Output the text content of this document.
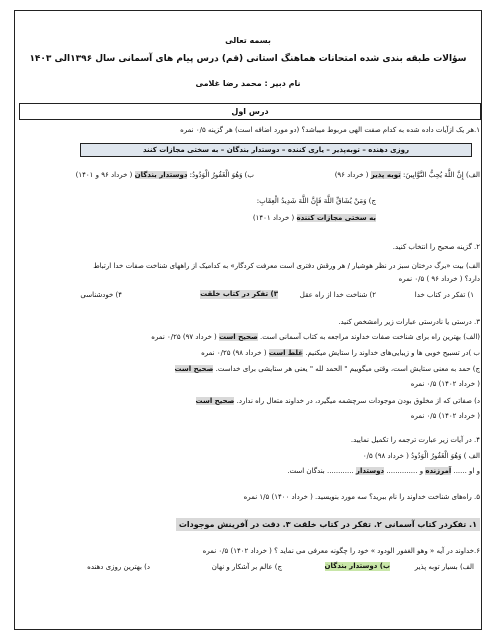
بسمه تعالی
سؤالات طبقه بندی شده امتحانات هماهنگ استانی (قم) درس پیام های آسمانی سال ۱۳۹۶الی ۱۴۰۳
نام دبیر : محمد رضا غلامی
درس اول
۱.هر یک ازآیات داده شده به کدام صفت الهی مربوط میباشد؟ (دو مورد اضافه است) هر گزینه ۰/۵ نمره
روزی دهنده – توبه‌پذیر – یاری کننده – دوستدار بندگان – به سختی مجازات کنند
الف) إِنَّ اللَّهَ يُحِبُّ التَّوَّابِينَ: توبه پذیر ( خرداد ۹۶)
ب) وَهُوَ الْغَفُورُ الْوَدُودُ: دوستدار بندگان ( خرداد ۹۶ و ۱۴۰۱)
ج) وَمَنْ يُشَاقِّ اللَّهَ فَإِنَّ اللَّهَ شَدِيدُ الْعِقَابِ:
به سختی مجازات کننده ( خرداد ۱۴۰۱)
۲. گزینه صحیح را انتخاب کنید.
الف) بیت «برگ درختان سبز در نظر هوشیار / هر ورقش دفتری است معرفت کردگار» به کدامیک از راههای شناخت صفات خدا ارتباط
دارد؟ ( خرداد ۹۶ ) ۰/۵ نمره
۱) تفکر در کتاب خدا
۲) شناخت خدا از راه عقل
۳) تفکر در کتاب خلقت
۴) خودشناسی
۳. درستی یا نادرستی عبارات زیر رامشخص کنید.
(الف) بهترین راه برای شناخت صفات خداوند مراجعه به کتاب آسمانی است. صحیح است ( خرداد ۹۷) ۰/۲۵ نمره
ب )در تسبیح خوبی ها و زیبایی‌های خداوند را ستایش میکنیم. غلط است ( خرداد ۹۸) ۰/۲۵ نمره
ج) حمد به معنی ستایش است، وقتی میگوییم " الحمد لله " یعنی هر ستایشی برای خداست. صحیح است
( خرداد ۱۴۰۲) ۰/۵ نمره
د) صفاتی که از مخلوق بودن موجودات سرچشمه میگیرد، در خداوند متعال راه ندارد. صحیح است
( خرداد ۱۴۰۲) ۰/۵ نمره
۴. در آیات زیر عبارت ترجمه را تکمیل نمایید.
الف ) وَهُوَ الْغَفُورُ الْوَدُودُ ( خرداد ۹۸) ۰/۵
و او ...... آمرزنده و .............. دوستدار ............ بندگان است.
۵. راه‌های شناخت خداوند را نام ببرید؟ سه مورد بنویسید. ( خرداد ۱۴۰۰) ۱/۵ نمره
۱. تفکردر کتاب آسمانی ۲. تفکر در کتاب خلقت ۳. دقت در آفرینش موجودات
۶.خداوند در آیه « وهو الغفور الودود » خود را چگونه معرفی می نماید ؟ ( خرداد ۱۴۰۲) ۰/۵ نمره
الف) بسیار توبه پذیر
ب) دوستدار بندگان
ج) عالم بر آشکار و نهان
د) بهترین روزی دهنده
